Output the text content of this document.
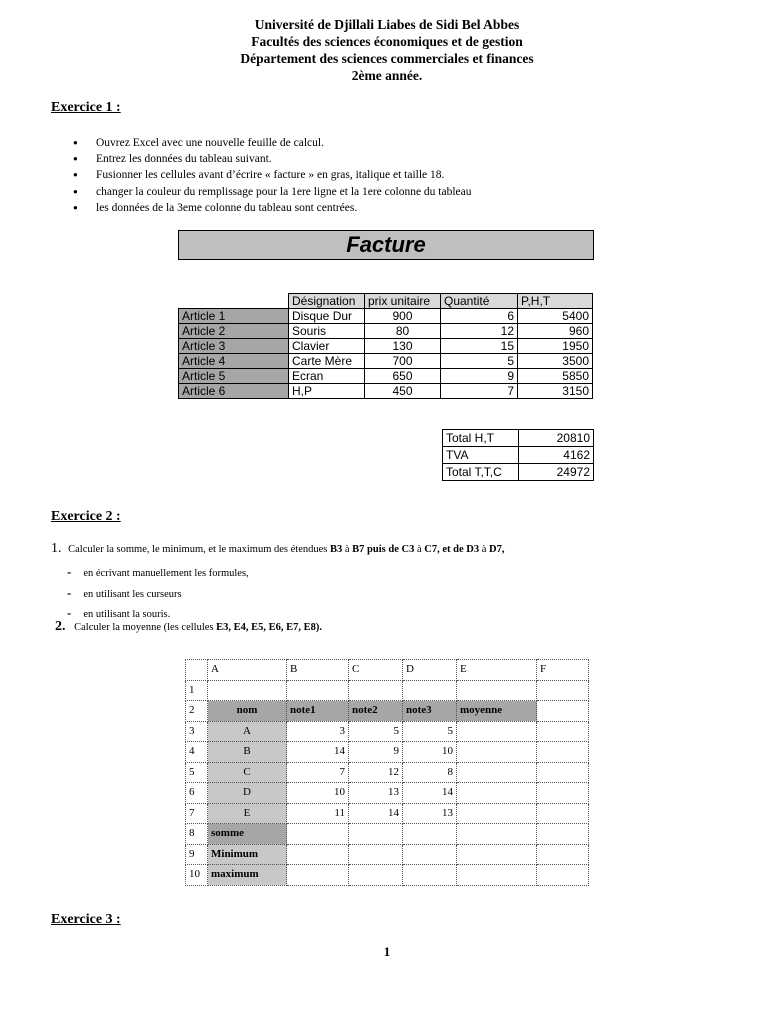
Université de Djillali Liabes de Sidi Bel Abbes
Facultés des sciences économiques et de gestion
Département des sciences commerciales et finances
2ème année.
Exercice 1 :
● Ouvrez Excel avec une nouvelle feuille de calcul.
● Entrez les données du tableau suivant.
● Fusionner les cellules avant d’écrire « facture » en gras, italique et taille 18.
● changer la couleur du remplissage pour la 1ere ligne et la 1ere colonne du tableau
● les données de la 3eme colonne du tableau sont centrées.
Facture
	Désignation	prix unitaire	Quantité	P,H,T
Article 1	Disque Dur	900	6	5400
Article 2	Souris	80	12	960
Article 3	Clavier	130	15	1950
Article 4	Carte Mère	700	5	3500
Article 5	Ecran	650	9	5850
Article 6	H,P	450	7	3150
Total H,T	20810
TVA	4162
Total T,T,C	24972
Exercice 2 :
1. Calculer la somme, le minimum, et le maximum des étendues B3 à B7 puis de C3 à C7, et de D3 à D7,
- en écrivant manuellement les formules,
- en utilisant les curseurs
- en utilisant la souris.
2. Calculer la moyenne (les cellules E3, E4, E5, E6, E7, E8).
	A	B	C	D	E	F
1						
2	nom	note1	note2	note3	moyenne	
3	A	3	5	5		
4	B	14	9	10		
5	C	7	12	8		
6	D	10	13	14		
7	E	11	14	13		
8	somme					
9	Minimum					
10	maximum					
Exercice 3 :
1
